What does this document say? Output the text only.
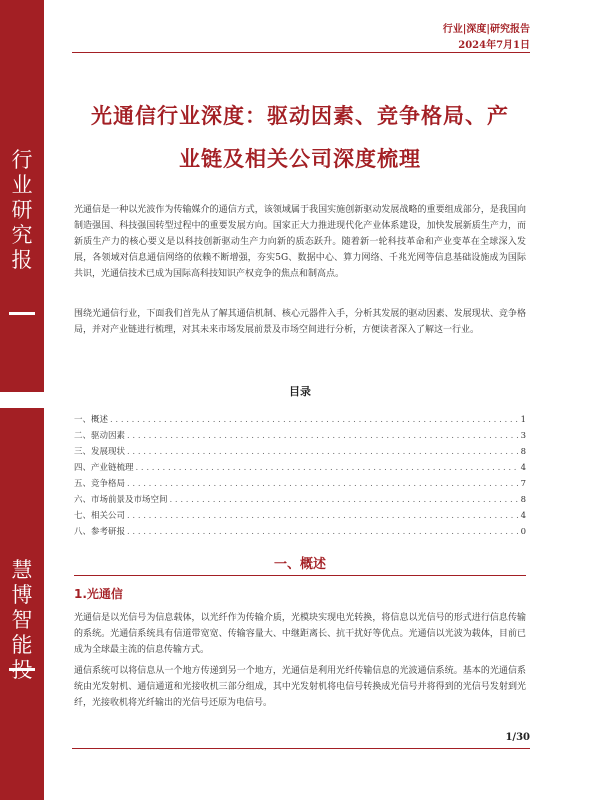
行
业
研
究
报
慧
博
智
能

行业|深度|研究报告
2024年7月1日
光通信行业深度：驱动因素、竞争格局、产
业链及相关公司深度梳理
光通信是一种以光波作为传输媒介的通信方式，该领域属于我国实施创新驱动发展战略的重要组成部分，是我国向制造强国、科技强国转型过程中的重要发展方向。国家正大力推进现代化产业体系建设，加快发展新质生产力，而新质生产力的核心要义是以科技创新驱动生产力向新的质态跃升。随着新一轮科技革命和产业变革在全球深入发展，各领域对信息通信网络的依赖不断增强，夯实5G、数据中心、算力网络、千兆光网等信息基础设施成为国际共识，光通信技术已成为国际高科技知识产权竞争的焦点和制高点。
围绕光通信行业，下面我们首先从了解其通信机制、核心元器件入手，分析其发展的驱动因素、发展现状、竞争格局，并对产业链进行梳理，对其未来市场发展前景及市场空间进行分析，方便读者深入了解这一行业。
目录
一、概述 . . .	1
二、驱动因素 . . .	3
三、发展现状 . . .	8
四、产业链梳理 . . .	4
五、竞争格局 . . .	7
六、市场前景及市场空间 . . .	8
七、相关公司 . . .	4
八、参考研报 . . .	0
一、概述
1.光通信
光通信是以光信号为信息载体，以光纤作为传输介质，光模块实现电光转换，将信息以光信号的形式进行信息传输的系统。光通信系统具有信道带宽宽、传输容量大、中继距离长、抗干扰好等优点。光通信以光波为载体，目前已成为全球最主流的信息传输方式。
通信系统可以将信息从一个地方传递到另一个地方，光通信是利用光纤传输信息的光波通信系统。基本的光通信系统由光发射机、通信通道和光接收机三部分组成，其中光发射机将电信号转换成光信号并将得到的光信号发射到光纤，光接收机将光纤输出的光信号还原为电信号。
1/30
